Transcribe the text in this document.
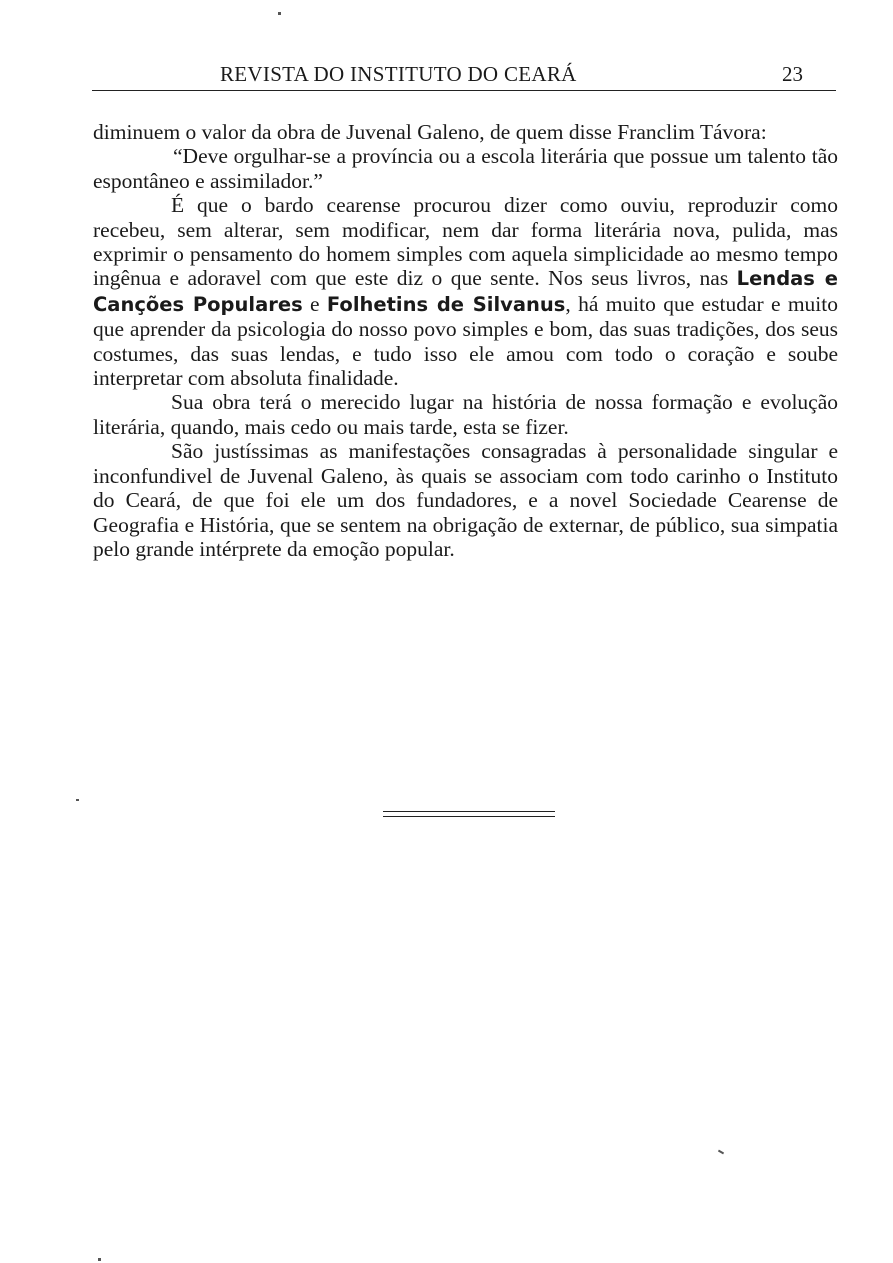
REVISTA DO INSTITUTO DO CEARÁ	23

diminuem o valor da obra de Juvenal Galeno, de quem disse Franclim Távora:

“Deve orgulhar-se a província ou a escola literária que possue um talento tão espontâneo e assimilador.”

É que o bardo cearense procurou dizer como ouviu, reproduzir como recebeu, sem alterar, sem modificar, nem dar forma literária nova, pulida, mas exprimir o pensamento do homem simples com aquela simplicidade ao mesmo tempo ingênua e adoravel com que este diz o que sente. Nos seus livros, nas Lendas e Canções Populares e Folhetins de Silvanus, há muito que estudar e muito que aprender da psicologia do nosso povo simples e bom, das suas tradições, dos seus costumes, das suas lendas, e tudo isso ele amou com todo o coração e soube interpretar com absoluta finalidade.

Sua obra terá o merecido lugar na história de nossa formação e evolução literária, quando, mais cedo ou mais tarde, esta se fizer.

São justíssimas as manifestações consagradas à personalidade singular e inconfundivel de Juvenal Galeno, às quais se associam com todo carinho o Instituto do Ceará, de que foi ele um dos fundadores, e a novel Sociedade Cearense de Geografia e História, que se sentem na obrigação de externar, de público, sua simpatia pelo grande intérprete da emoção popular.
